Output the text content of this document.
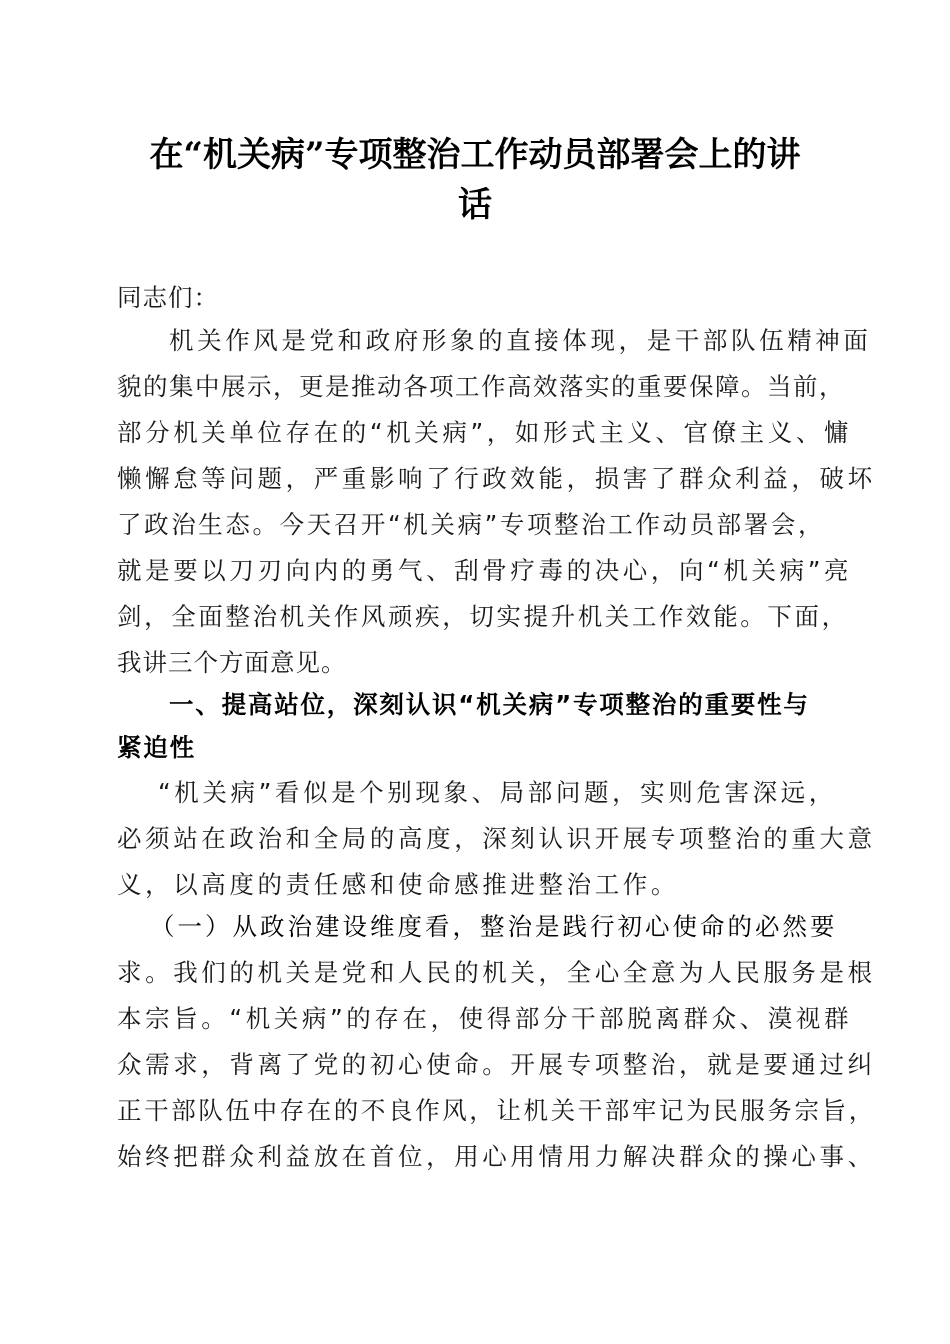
在“机关病”专项整治工作动员部署会上的讲
话
同志们：
机关作风是党和政府形象的直接体现，是干部队伍精神面
貌的集中展示，更是推动各项工作高效落实的重要保障。当前，
部分机关单位存在的“机关病”，如形式主义、官僚主义、慵
懒懈怠等问题，严重影响了行政效能，损害了群众利益，破坏
了政治生态。今天召开“机关病”专项整治工作动员部署会，
就是要以刀刃向内的勇气、刮骨疗毒的决心，向“机关病”亮
剑，全面整治机关作风顽疾，切实提升机关工作效能。下面，
我讲三个方面意见。
一、提高站位，深刻认识“机关病”专项整治的重要性与
紧迫性
“机关病”看似是个别现象、局部问题，实则危害深远，
必须站在政治和全局的高度，深刻认识开展专项整治的重大意
义，以高度的责任感和使命感推进整治工作。
（一）从政治建设维度看，整治是践行初心使命的必然要
求。我们的机关是党和人民的机关，全心全意为人民服务是根
本宗旨。“机关病”的存在，使得部分干部脱离群众、漠视群
众需求，背离了党的初心使命。开展专项整治，就是要通过纠
正干部队伍中存在的不良作风，让机关干部牢记为民服务宗旨，
始终把群众利益放在首位，用心用情用力解决群众的操心事、
